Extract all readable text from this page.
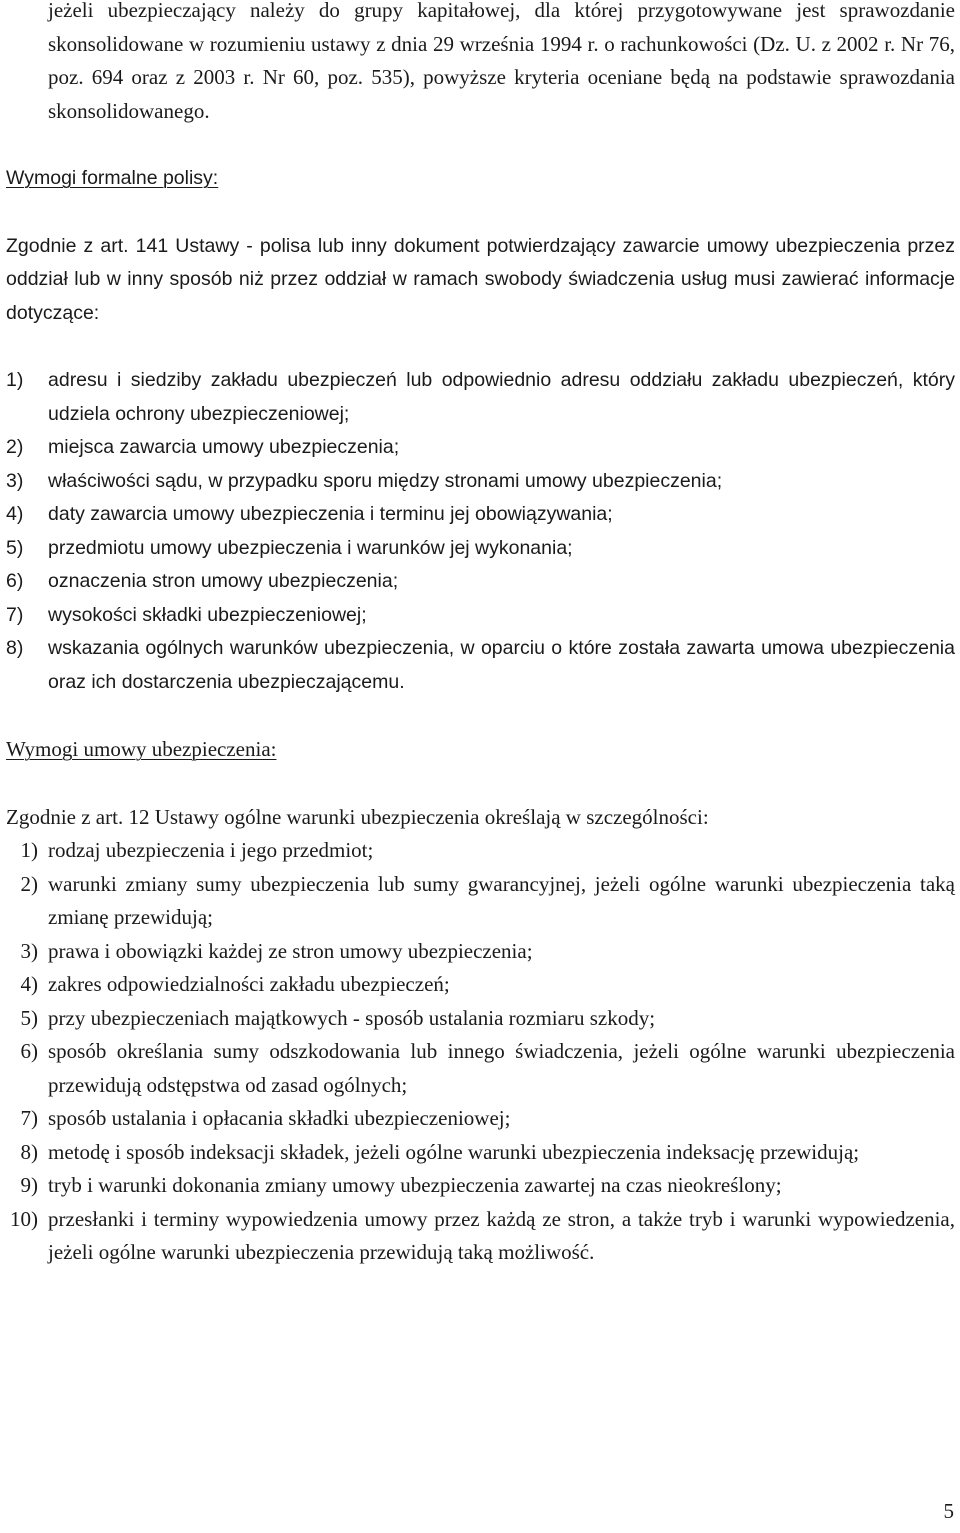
jeżeli ubezpieczający należy do grupy kapitałowej, dla której przygotowywane jest sprawozdanie skonsolidowane w rozumieniu ustawy z dnia 29 września 1994 r. o rachunkowości (Dz. U. z 2002 r. Nr 76, poz. 694 oraz z 2003 r. Nr 60, poz. 535), powyższe kryteria oceniane będą na podstawie sprawozdania skonsolidowanego.

Wymogi formalne polisy:

Zgodnie z art. 141 Ustawy - polisa lub inny dokument potwierdzający zawarcie umowy ubezpieczenia przez oddział lub w inny sposób niż przez oddział w ramach swobody świadczenia usług musi zawierać informacje dotyczące:

1)	adresu i siedziby zakładu ubezpieczeń lub odpowiednio adresu oddziału zakładu ubezpieczeń, który udziela ochrony ubezpieczeniowej;
2)	miejsca zawarcia umowy ubezpieczenia;
3)	właściwości sądu, w przypadku sporu między stronami umowy ubezpieczenia;
4)	daty zawarcia umowy ubezpieczenia i terminu jej obowiązywania;
5)	przedmiotu umowy ubezpieczenia i warunków jej wykonania;
6)	oznaczenia stron umowy ubezpieczenia;
7)	wysokości składki ubezpieczeniowej;
8)	wskazania ogólnych warunków ubezpieczenia, w oparciu o które została zawarta umowa ubezpieczenia oraz ich dostarczenia ubezpieczającemu.

Wymogi umowy ubezpieczenia:

Zgodnie z art. 12 Ustawy ogólne warunki ubezpieczenia określają w szczególności:

1) rodzaj ubezpieczenia i jego przedmiot;
2) warunki zmiany sumy ubezpieczenia lub sumy gwarancyjnej, jeżeli ogólne warunki ubezpieczenia taką zmianę przewidują;
3) prawa i obowiązki każdej ze stron umowy ubezpieczenia;
4) zakres odpowiedzialności zakładu ubezpieczeń;
5) przy ubezpieczeniach majątkowych - sposób ustalania rozmiaru szkody;
6) sposób określania sumy odszkodowania lub innego świadczenia, jeżeli ogólne warunki ubezpieczenia przewidują odstępstwa od zasad ogólnych;
7) sposób ustalania i opłacania składki ubezpieczeniowej;
8) metodę i sposób indeksacji składek, jeżeli ogólne warunki ubezpieczenia indeksację przewidują;
9) tryb i warunki dokonania zmiany umowy ubezpieczenia zawartej na czas nieokreślony;
10) przesłanki i terminy wypowiedzenia umowy przez każdą ze stron, a także tryb i warunki wypowiedzenia, jeżeli ogólne warunki ubezpieczenia przewidują taką możliwość.
5
